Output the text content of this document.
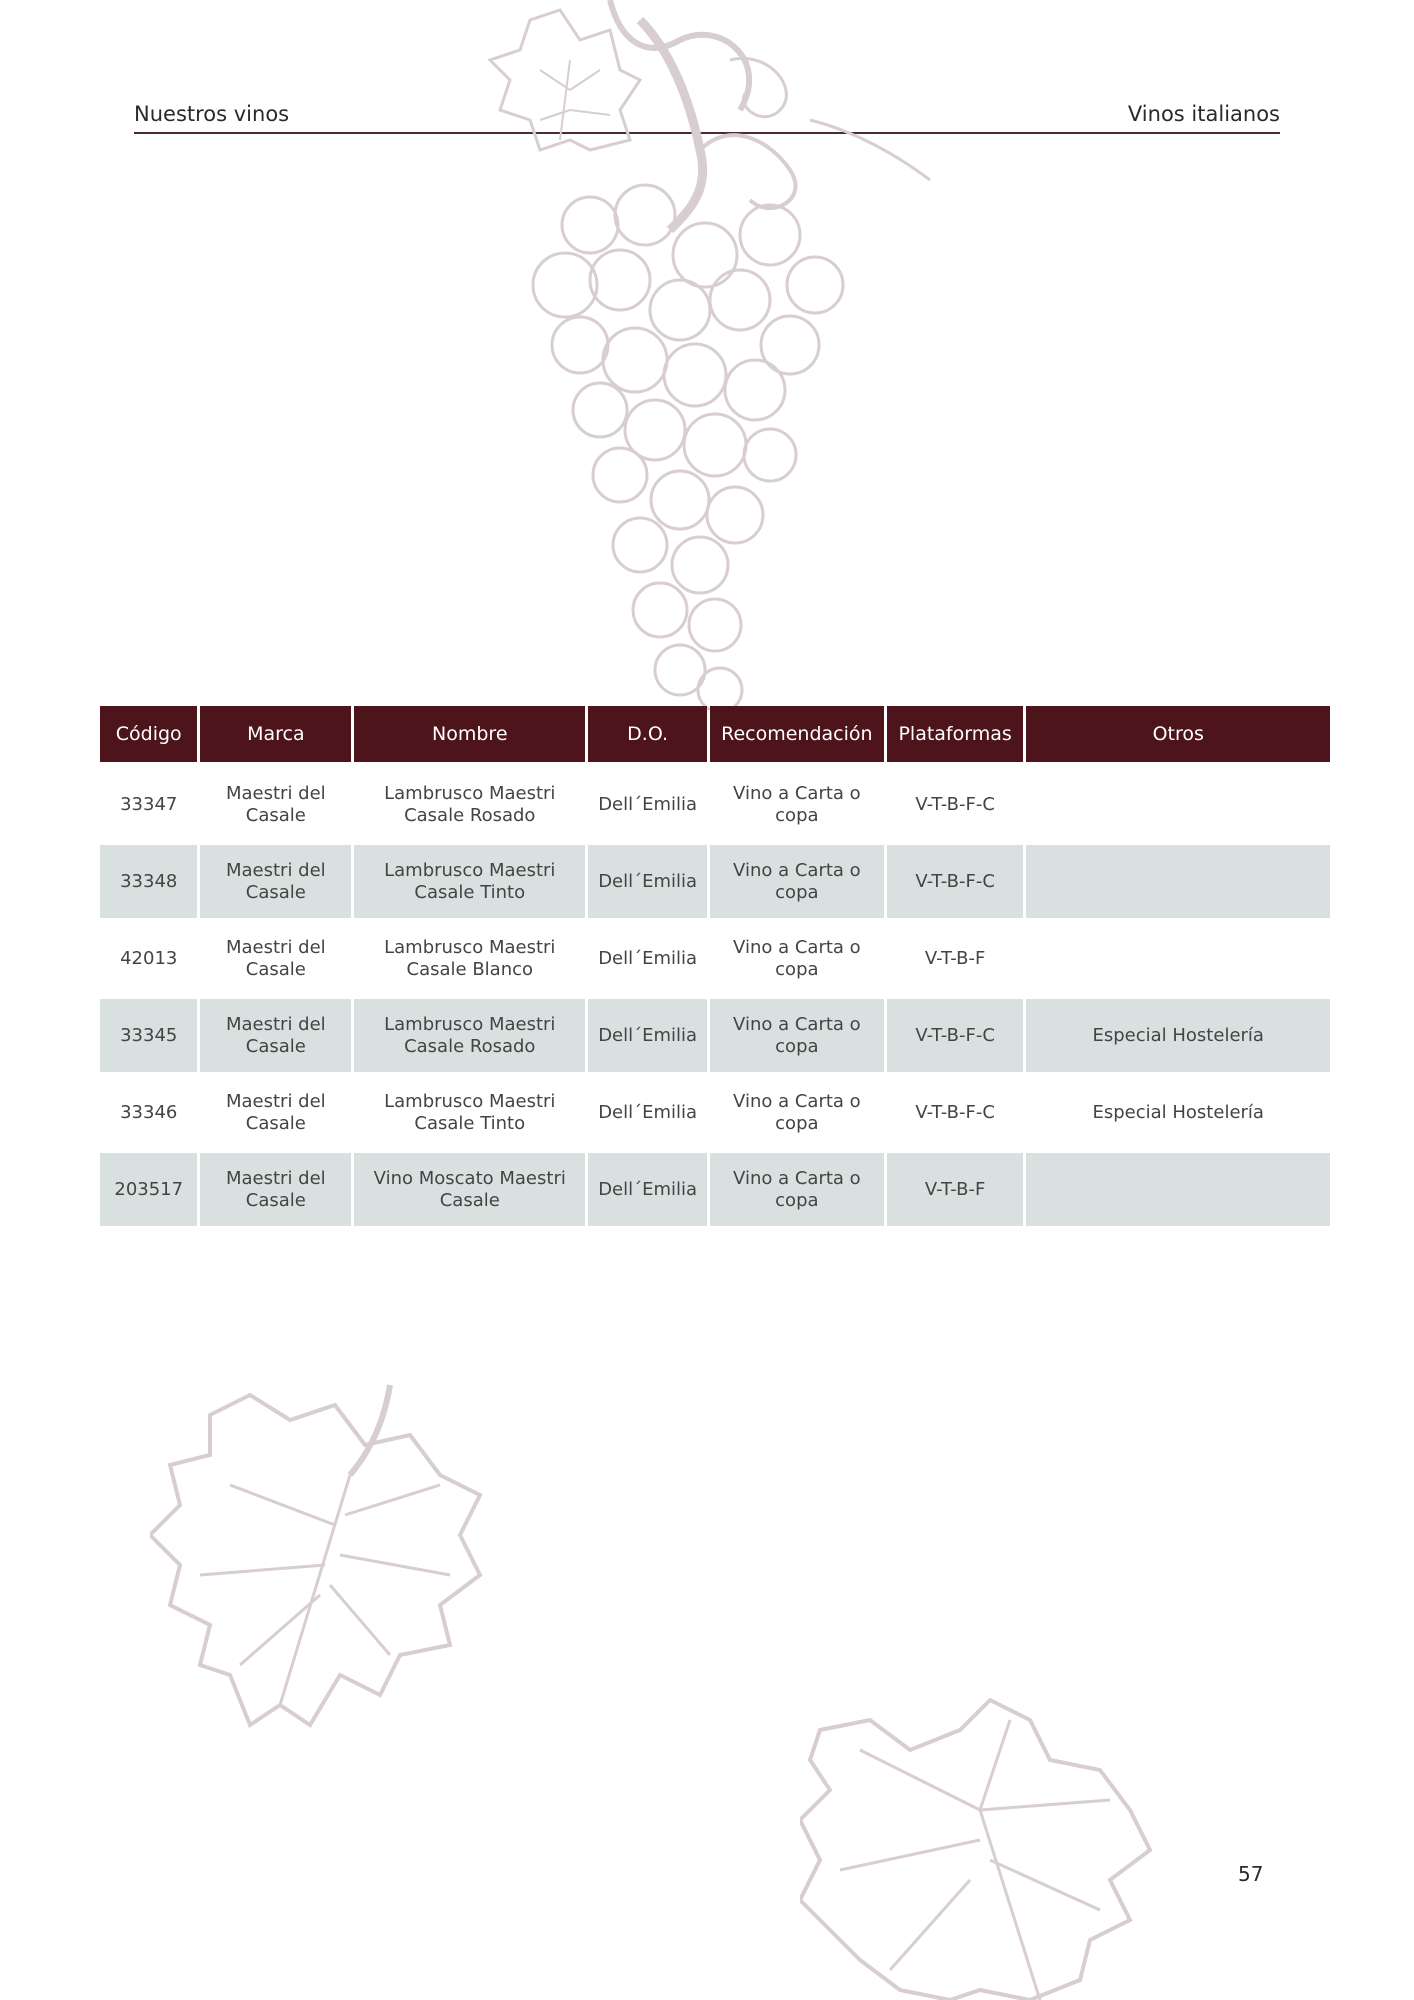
Nuestros vinos	Vinos italianos
Código	Marca	Nombre	D.O.	Recomendación	Plataformas	Otros
33347	Maestri del Casale	Lambrusco Maestri Casale Rosado	Dell´Emilia	Vino a Carta o copa	V-T-B-F-C	
33348	Maestri del Casale	Lambrusco Maestri Casale Tinto	Dell´Emilia	Vino a Carta o copa	V-T-B-F-C	
42013	Maestri del Casale	Lambrusco Maestri Casale Blanco	Dell´Emilia	Vino a Carta o copa	V-T-B-F	
33345	Maestri del Casale	Lambrusco Maestri Casale Rosado	Dell´Emilia	Vino a Carta o copa	V-T-B-F-C	Especial Hostelería
33346	Maestri del Casale	Lambrusco Maestri Casale Tinto	Dell´Emilia	Vino a Carta o copa	V-T-B-F-C	Especial Hostelería
203517	Maestri del Casale	Vino Moscato Maestri Casale	Dell´Emilia	Vino a Carta o copa	V-T-B-F	
57
